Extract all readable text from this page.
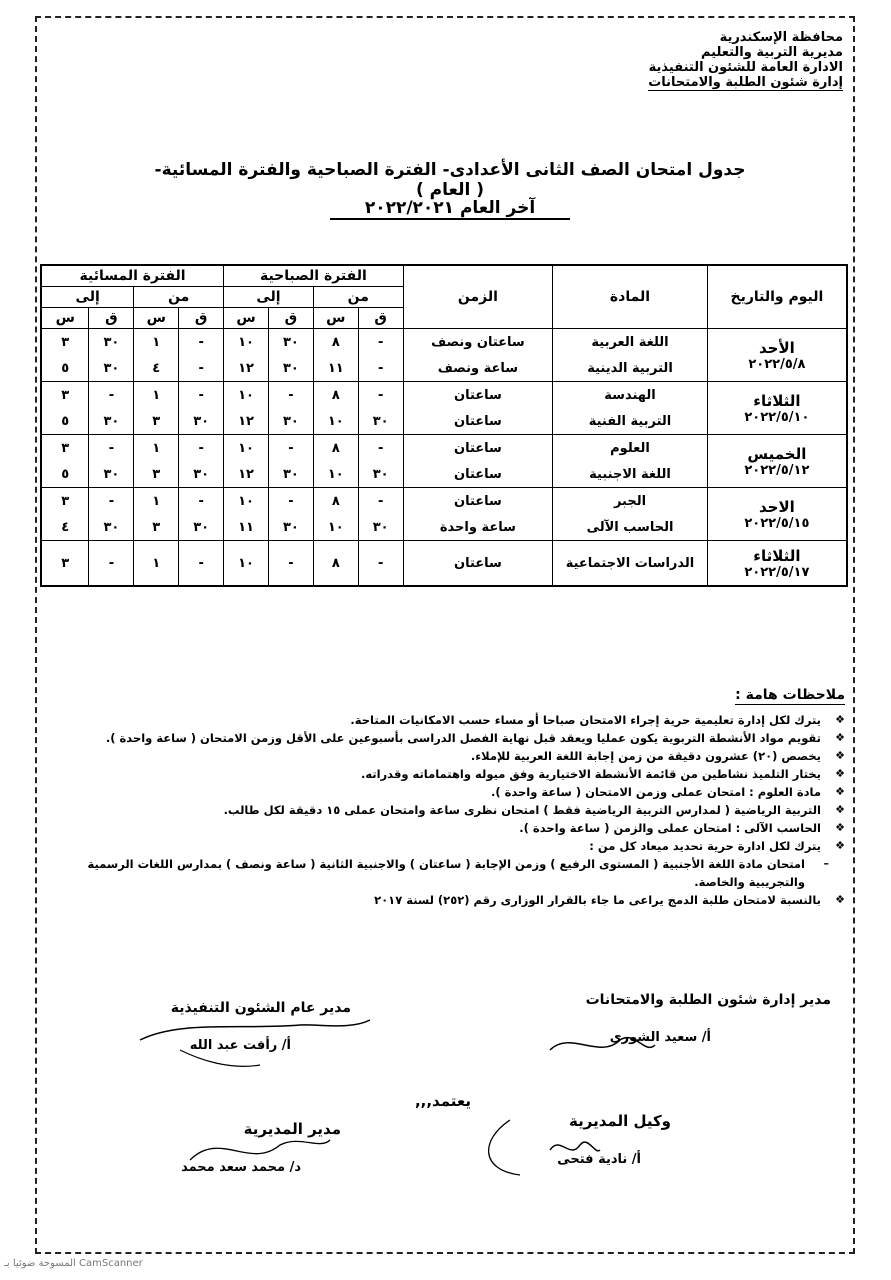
محافظة الإسكندرية
مديرية التربية والتعليم
الادارة العامة للشئون التنفيذية
إدارة شئون الطلبة والامتحانات
جدول امتحان الصف الثانى الأعدادى- الفترة الصباحية والفترة المسائية- ( العام )
آخر العام ٢٠٢٢/٢٠٢١
اليوم والتاريخ	المادة	الزمن	الفترة الصباحية				الفترة المسائية			
			من		إلى		من		إلى	
			ق	س	ق	س	ق	س	ق	س

الأحد
٢٠٢٢/٥/٨	اللغة العربية	ساعتان ونصف	-	٨	٣٠	١٠	-	١	٣٠	٣
	التربية الدينية	ساعة ونصف	-	١١	٣٠	١٢	-	٤	٣٠	٥

الثلاثاء
٢٠٢٢/٥/١٠	الهندسة	ساعتان	-	٨	-	١٠	-	١	-	٣
	التربية الفنية	ساعتان	٣٠	١٠	٣٠	١٢	٣٠	٣	٣٠	٥

الخميس
٢٠٢٢/٥/١٢	العلوم	ساعتان	-	٨	-	١٠	-	١	-	٣
	اللغة الاجنبية	ساعتان	٣٠	١٠	٣٠	١٢	٣٠	٣	٣٠	٥

الاحد
٢٠٢٢/٥/١٥	الجبر	ساعتان	-	٨	-	١٠	-	١	-	٣
	الحاسب الآلى	ساعة واحدة	٣٠	١٠	٣٠	١١	٣٠	٣	٣٠	٤

الثلاثاء
٢٠٢٢/٥/١٧	الدراسات الاجتماعية	ساعتان	-	٨	-	١٠	-	١	-	٣
ملاحظات هامة :
❖
يترك لكل إدارة تعليمية حرية إجراء الامتحان صباحا أو مساء حسب الامكانيات المتاحة.
❖
تقويم مواد الأنشطة التربوية يكون عمليا ويعقد قبل نهاية الفصل الدراسى بأسبوعين على الأقل وزمن الامتحان ( ساعة واحدة ).
❖
يخصص (٢٠) عشرون دقيقة من زمن إجابة اللغة العربية للإملاء.
❖
يختار التلميذ نشاطين من قائمة الأنشطة الاختيارية وفق ميوله واهتماماته وقدراته.
❖
مادة العلوم : امتحان عملى وزمن الامتحان ( ساعة واحدة ).
❖
التربية الرياضية ( لمدارس التربية الرياضية فقط ) امتحان نظرى ساعة وامتحان عملى ١٥ دقيقة لكل طالب.
❖
الحاسب الآلى : امتحان عملى والزمن ( ساعة واحدة ).
❖
يترك لكل ادارة حرية تحديد ميعاد كل من :
–
امتحان مادة اللغة الأجنبية ( المستوى الرفيع ) وزمن الإجابة ( ساعتان ) والاجنبية الثانية ( ساعة ونصف ) بمدارس اللغات الرسمية والتجريبية والخاصة.
❖
بالنسبة لامتحان طلبة الدمج يراعى ما جاء بالقرار الوزارى رقم (٢٥٢) لسنة ٢٠١٧
مدير إدارة شئون الطلبة والامتحانات
أ/ سعيد الشورى
مدير عام الشئون التنفيذية
أ/ رأفت عبد الله
يعتمد,,,
وكيل المديرية
أ/ نادية فتحى
مدير المديرية
د/ محمد سعد محمد
CamScanner المسوحة ضوئيا بـ
